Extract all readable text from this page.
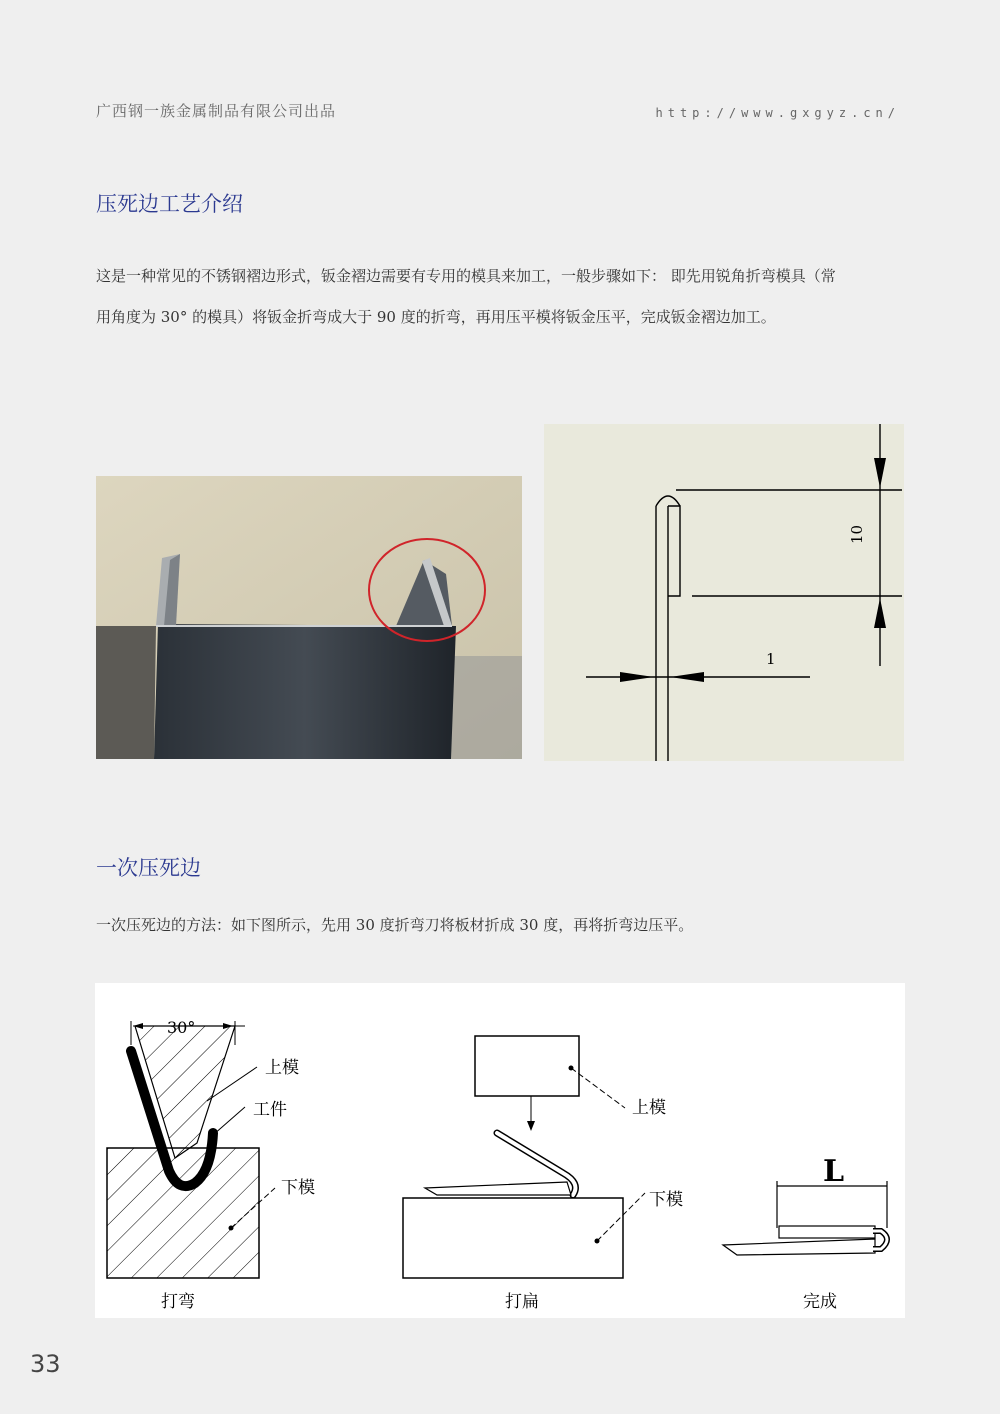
广西钢一族金属制品有限公司出品	http://www.gxgyz.cn/
压死边工艺介绍
这是一种常见的不锈钢褶边形式，钣金褶边需要有专用的模具来加工，一般步骤如下： 即先用锐角折弯模具（常
用角度为 30° 的模具）将钣金折弯成大于 90 度的折弯，再用压平模将钣金压平，完成钣金褶边加工。
10
1
一次压死边
一次压死边的方法：如下图所示，先用 30 度折弯刀将板材折成 30 度，再将折弯边压平。
30°
上模
工件
下模
打弯
上模
下模
打扁
L
完成
33
